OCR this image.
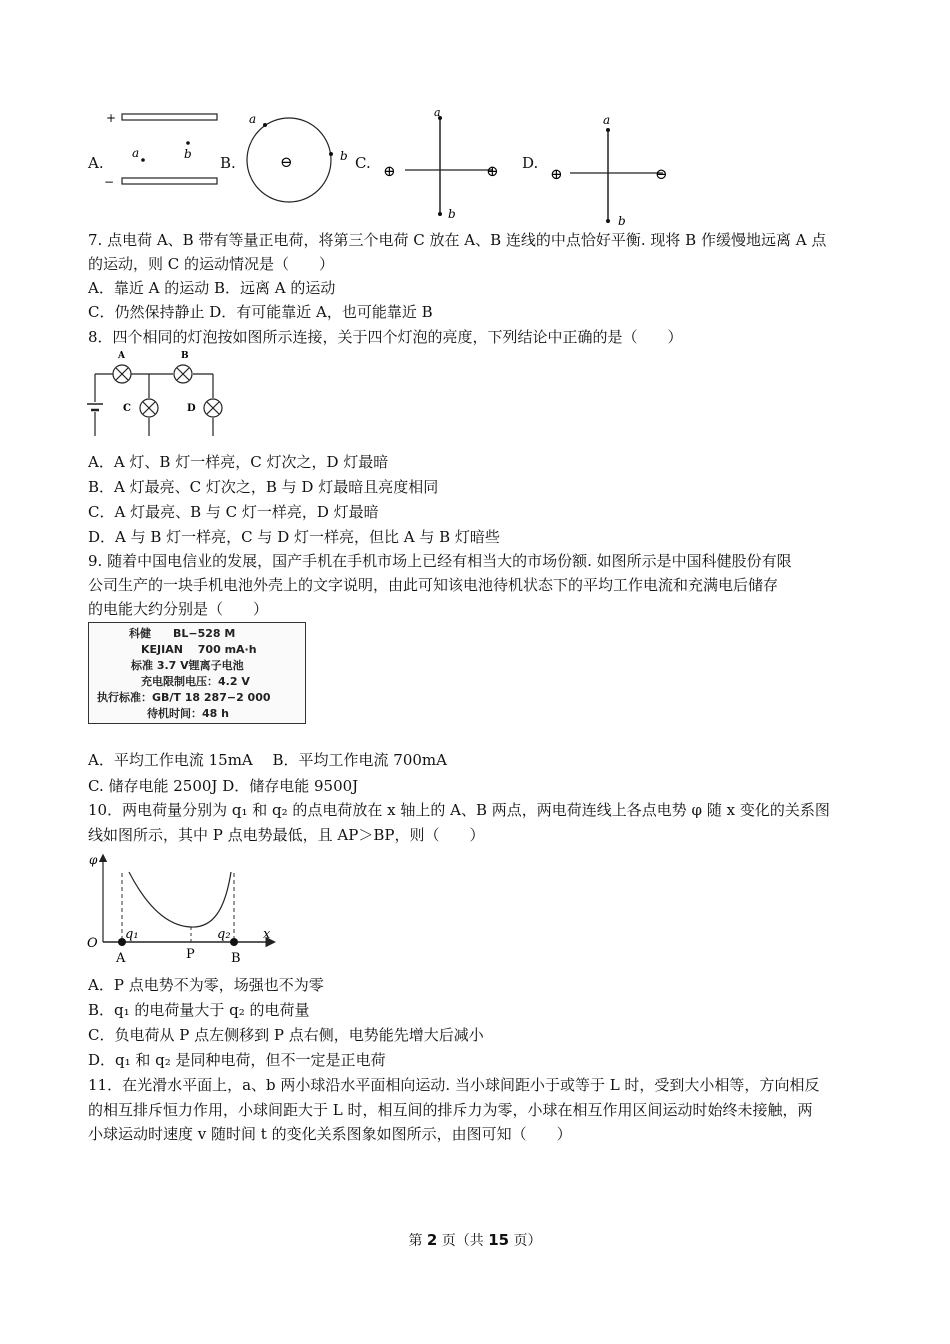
A.	B.	C.	D.
+
−
a	b	⊖
a
b
⊕	⊕
a
b
⊕	⊖
a
b
7. 点电荷 A、B 带有等量正电荷，将第三个电荷 C 放在 A、B 连线的中点恰好平衡. 现将 B 作缓慢地远离 A 点
的运动，则 C 的运动情况是（　　）
A．靠近 A 的运动 B．远离 A 的运动
C．仍然保持静止 D．有可能靠近 A，也可能靠近 B
8．四个相同的灯泡按如图所示连接，关于四个灯泡的亮度，下列结论中正确的是（　　）
A	B
C	D
A．A 灯、B 灯一样亮，C 灯次之，D 灯最暗
B．A 灯最亮、C 灯次之，B 与 D 灯最暗且亮度相同
C．A 灯最亮、B 与 C 灯一样亮，D 灯最暗
D．A 与 B 灯一样亮，C 与 D 灯一样亮，但比 A 与 B 灯暗些
9. 随着中国电信业的发展，国产手机在手机市场上已经有相当大的市场份额. 如图所示是中国科健股份有限
公司生产的一块手机电池外壳上的文字说明，由此可知该电池待机状态下的平均工作电流和充满电后储存
的电能大约分别是（　　）
科健　　BL−528 M
KEJIAN　 700 mA·h
标准 3.7 V锂离子电池
充电限制电压：4.2 V
执行标准：GB/T 18 287−2 000
待机时间：48 h
A．平均工作电流 15mA　 B．平均工作电流 700mA
C. 储存电能 2500J D．储存电能 9500J
10．两电荷量分别为 q₁ 和 q₂ 的点电荷放在 x 轴上的 A、B 两点，两电荷连线上各点电势 φ 随 x 变化的关系图
线如图所示，其中 P 点电势最低，且 AP＞BP，则（　　）
φ
x
O
q₁	q₂
A	P	B
A．P 点电势不为零，场强也不为零
B．q₁ 的电荷量大于 q₂ 的电荷量
C．负电荷从 P 点左侧移到 P 点右侧，电势能先增大后减小
D．q₁ 和 q₂ 是同种电荷，但不一定是正电荷
11．在光滑水平面上，a、b 两小球沿水平面相向运动. 当小球间距小于或等于 L 时，受到大小相等，方向相反
的相互排斥恒力作用，小球间距大于 L 时，相互间的排斥力为零，小球在相互作用区间运动时始终未接触，两
小球运动时速度 v 随时间 t 的变化关系图象如图所示，由图可知（　　）
第 2 页（共 15 页）
